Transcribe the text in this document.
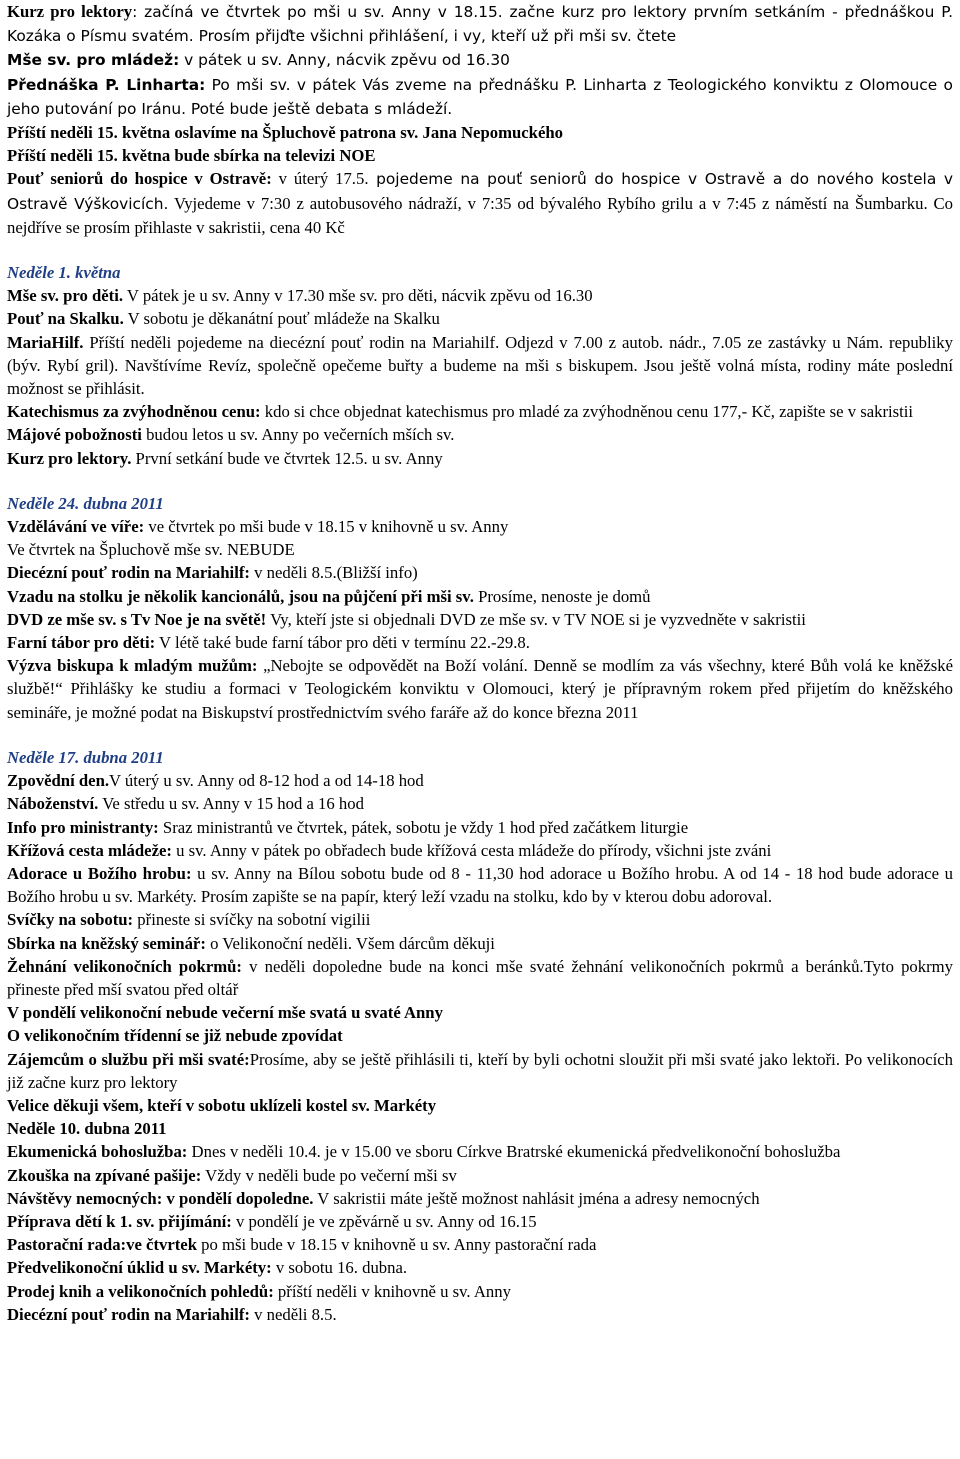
Kurz pro lektory: začíná ve čtvrtek po mši u sv. Anny v 18.15. začne kurz pro lektory prvním setkáním - přednáškou P. Kozáka o Písmu svatém. Prosím přijďte všichni přihlášení, i vy, kteří už při mši sv. čtete

Mše sv. pro mládež: v pátek u sv. Anny, nácvik zpěvu od 16.30

Přednáška P. Linharta: Po mši sv. v pátek Vás zveme na přednášku P. Linharta z Teologického konviktu z Olomouce o jeho putování po Iránu. Poté bude ještě debata s mládeží.

Příští neděli 15. května oslavíme na Špluchově patrona sv. Jana Nepomuckého

Příští neděli 15. května bude sbírka na televizi NOE

Pouť seniorů do hospice v Ostravě: v úterý 17.5. pojedeme na pouť seniorů do hospice v Ostravě a do nového kostela v Ostravě Výškovicích. Vyjedeme v 7:30 z autobusového nádraží, v 7:35 od bývalého Rybího grilu a v 7:45 z náměstí na Šumbarku. Co nejdříve se prosím přihlaste v sakristii, cena 40 Kč

Neděle 1. května

Mše sv. pro děti. V pátek je u sv. Anny v 17.30 mše sv. pro děti, nácvik zpěvu od 16.30

Pouť na Skalku. V sobotu je děkanátní pouť mládeže na Skalku

MariaHilf. Příští neděli pojedeme na diecézní pouť rodin na Mariahilf. Odjezd v 7.00 z autob. nádr., 7.05 ze zastávky u Nám. republiky (býv. Rybí gril). Navštívíme Revíz, společně opečeme buřty a budeme na mši s biskupem. Jsou ještě volná místa, rodiny máte poslední možnost se přihlásit.

Katechismus za zvýhodněnou cenu: kdo si chce objednat katechismus pro mladé za zvýhodněnou cenu 177,- Kč, zapište se v sakristii

Májové pobožnosti budou letos u sv. Anny po večerních mších sv.

Kurz pro lektory. První setkání bude ve čtvrtek 12.5. u sv. Anny

Neděle 24. dubna 2011

Vzdělávání ve víře: ve čtvrtek po mši bude v 18.15 v knihovně u sv. Anny

Ve čtvrtek na Špluchově mše sv. NEBUDE

Diecézní pouť rodin na Mariahilf: v neděli 8.5.(Bližší info)

Vzadu na stolku je několik kancionálů, jsou na půjčení při mši sv. Prosíme, nenoste je domů

DVD ze mše sv. s Tv Noe je na světě! Vy, kteří jste si objednali DVD ze mše sv. v TV NOE si je vyzvedněte v sakristii

Farní tábor pro děti: V létě také bude farní tábor pro děti v termínu 22.-29.8.

Výzva biskupa k mladým mužům: „Nebojte se odpovědět na Boží volání. Denně se modlím za vás všechny, které Bůh volá ke kněžské službě!“ Přihlášky ke studiu a formaci v Teologickém konviktu v Olomouci, který je přípravným rokem před přijetím do kněžského semináře, je možné podat na Biskupství prostřednictvím svého faráře až do konce března 2011

Neděle 17. dubna 2011

Zpovědní den.V úterý u sv. Anny od 8-12 hod a od 14-18 hod

Náboženství. Ve středu u sv. Anny v 15 hod a 16 hod

Info pro ministranty: Sraz ministrantů ve čtvrtek, pátek, sobotu je vždy 1 hod před začátkem liturgie

Křížová cesta mládeže: u sv. Anny v pátek po obřadech bude křížová cesta mládeže do přírody, všichni jste zváni

Adorace u Božího hrobu: u sv. Anny na Bílou sobotu bude od 8 - 11,30 hod adorace u Božího hrobu. A od 14 - 18 hod bude adorace u Božího hrobu u sv. Markéty. Prosím zapište se na papír, který leží vzadu na stolku, kdo by v kterou dobu adoroval.

Svíčky na sobotu: přineste si svíčky na sobotní vigilii

Sbírka na kněžský seminář: o Velikonoční neděli. Všem dárcům děkuji

Žehnání velikonočních pokrmů: v neděli dopoledne bude na konci mše svaté žehnání velikonočních pokrmů a beránků.Tyto pokrmy přineste před mší svatou před oltář

V pondělí velikonoční nebude večerní mše svatá u svaté Anny

O velikonočním třídenní se již nebude zpovídat

Zájemcům o službu při mši svaté:Prosíme, aby se ještě přihlásili ti, kteří by byli ochotni sloužit při mši svaté jako lektoři. Po velikonocích již začne kurz pro lektory

Velice děkuji všem, kteří v sobotu uklízeli kostel sv. Markéty

Neděle 10. dubna 2011

Ekumenická bohoslužba: Dnes v neděli 10.4. je v 15.00 ve sboru Církve Bratrské ekumenická předvelikonoční bohoslužba

Zkouška na zpívané pašije: Vždy v neděli bude po večerní mši sv

Návštěvy nemocných: v pondělí dopoledne. V sakristii máte ještě možnost nahlásit jména a adresy nemocných

Příprava dětí k 1. sv. přijímání: v pondělí je ve zpěvárně u sv. Anny od 16.15

Pastorační rada:ve čtvrtek po mši bude v 18.15 v knihovně u sv. Anny pastorační rada

Předvelikonoční úklid u sv. Markéty: v sobotu 16. dubna.

Prodej knih a velikonočních pohledů: příští neděli v knihovně u sv. Anny

Diecézní pouť rodin na Mariahilf: v neděli 8.5.
